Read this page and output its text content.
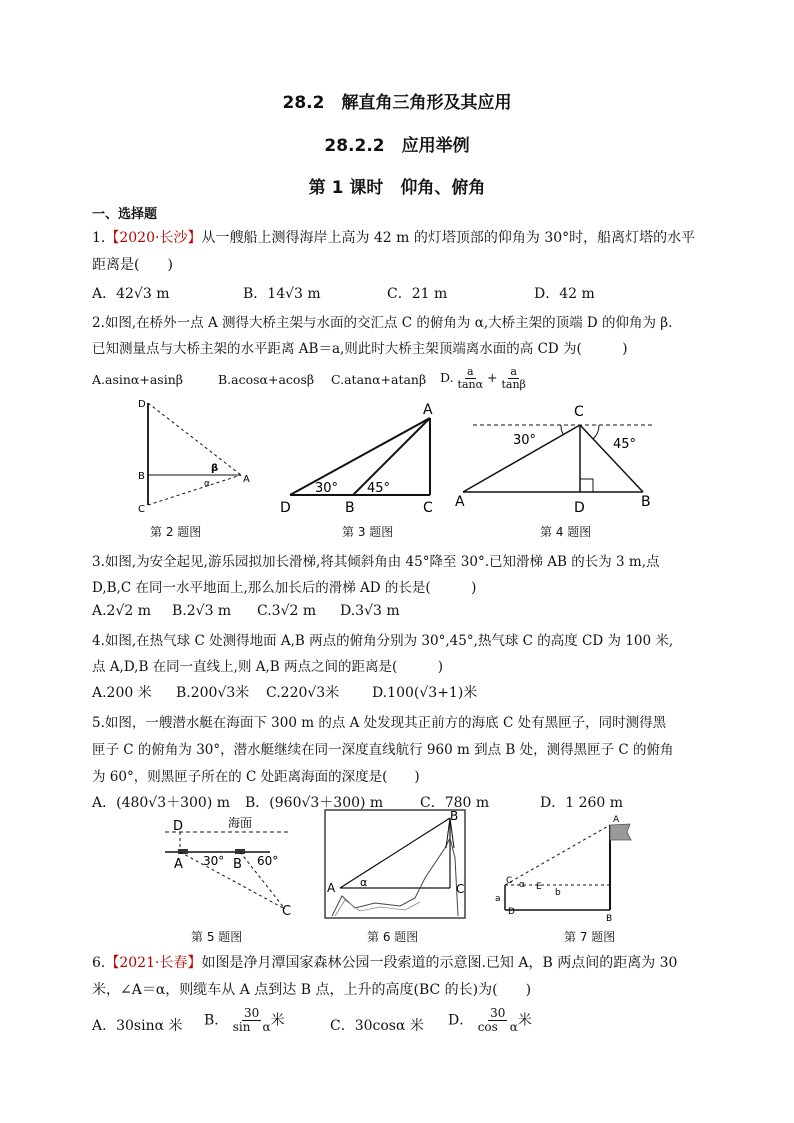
28.2　解直角三角形及其应用
28.2.2　应用举例
第 1 课时　仰角、俯角
一、选择题
1.【2020·长沙】从一艘船上测得海岸上高为 42 m 的灯塔顶部的仰角为 30°时，船离灯塔的水平
距离是(　　)
A．42√3 m	B．14√3 m	C．21 m	D．42 m
2.如图,在桥外一点 A 测得大桥主架与水面的交汇点 C 的俯角为 α,大桥主架的顶端 D 的仰角为 β.
已知测量点与大桥主架的水平距离 AB＝a,则此时大桥主架顶端离水面的高 CD 为(　　　)
A.asinα+asinβ	B.acosα+acosβ C.atanα+atanβ D. $\frac{a}{\tan\alpha} + \frac{a}{\tan\beta}$
D
B
C
A
β
α
第 2 题图
A
D	B	C
30° 45°
第 3 题图
C
A	D	B
30°	45°
第 4 题图
3.如图,为安全起见,游乐园拟加长滑梯,将其倾斜角由 45°降至 30°.已知滑梯 AB 的长为 3 m,点
D,B,C 在同一水平地面上,那么加长后的滑梯 AD 的长是(　　　)
A.2√2 m B.2√3 m C.3√2 m D.3√3 m
4.如图,在热气球 C 处测得地面 A,B 两点的俯角分别为 30°,45°,热气球 C 的高度 CD 为 100 米,
点 A,D,B 在同一直线上,则 A,B 两点之间的距离是(　　　)
A.200 米 B.200√3米 C.220√3米 D.100(√3+1)米
5.如图，一艘潜水艇在海面下 300 m 的点 A 处发现其正前方的海底 C 处有黑匣子，同时测得黑
匣子 C 的俯角为 30°，潜水艇继续在同一深度直线航行 960 m 到点 B 处，测得黑匣子 C 的俯角
为 60°，则黑匣子所在的 C 处距离海面的深度是(　　)
A．(480√3＋300) m B．(960√3＋300) m	C．780 m	D．1 260 m
D	海面
A	B
C
30°	60°
第 5 题图
B
A	C
α
第 6 题图
A
B
C
D
E
α
a
b
第 7 题图
6.【2021·长春】如图是净月潭国家森林公园一段索道的示意图.已知 A，B 两点间的距离为 30
米，∠A＝α，则缆车从 A 点到达 B 点，上升的高度(BC 的长)为(　　)
A．30sinα 米 B． $\frac{30}{\text{sin　α}}$ 米	C．30cosα 米 D． $\frac{30}{\text{cos　α}}$ 米
